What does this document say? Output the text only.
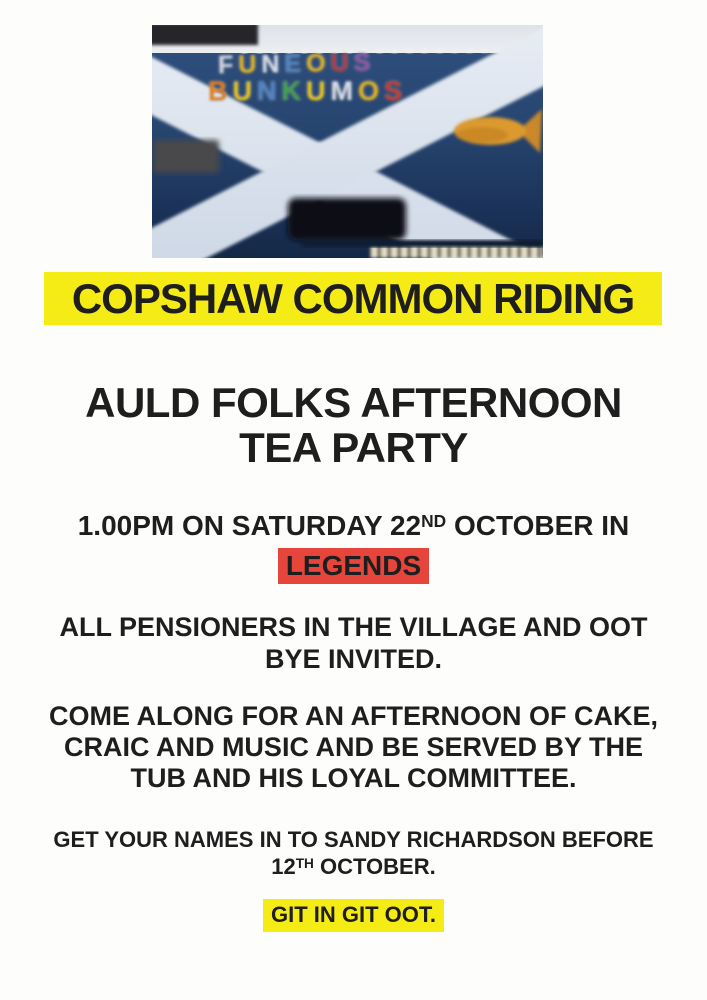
FUNEOUS
BUNKUMOS
COPSHAW COMMON RIDING
AULD FOLKS AFTERNOON
TEA PARTY
1.00PM ON SATURDAY 22ND OCTOBER IN
LEGENDS
ALL PENSIONERS IN THE VILLAGE AND OOT
BYE INVITED.
COME ALONG FOR AN AFTERNOON OF CAKE,
CRAIC AND MUSIC AND BE SERVED BY THE
TUB AND HIS LOYAL COMMITTEE.
GET YOUR NAMES IN TO SANDY RICHARDSON BEFORE
12TH OCTOBER.
GIT IN GIT OOT.
